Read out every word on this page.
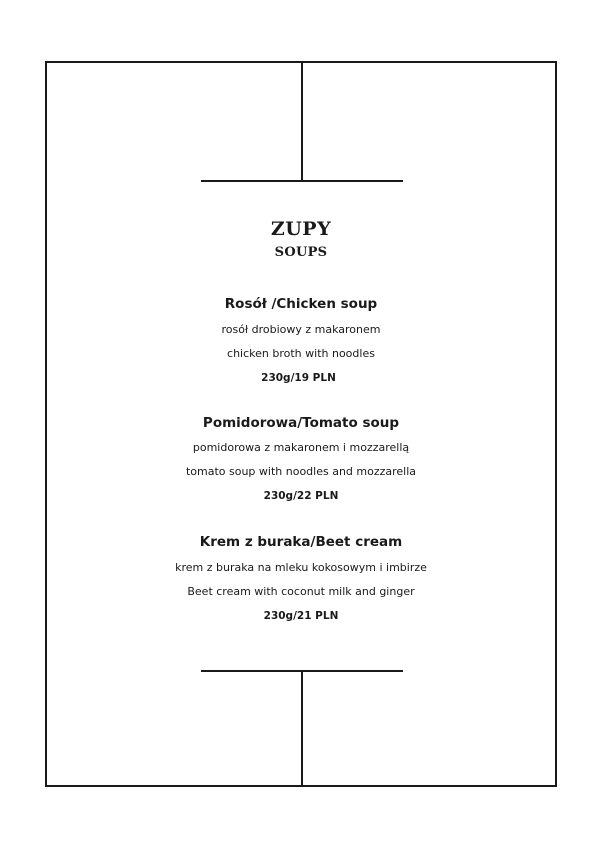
ZUPY
SOUPS
Rosół /Chicken soup
rosół drobiowy z makaronem
chicken broth with noodles
230g/19 PLN
Pomidorowa/Tomato soup
pomidorowa z makaronem i mozzarellą
tomato soup with noodles and mozzarella
230g/22 PLN
Krem z buraka/Beet cream
krem z buraka na mleku kokosowym i imbirze
Beet cream with coconut milk and ginger
230g/21 PLN
